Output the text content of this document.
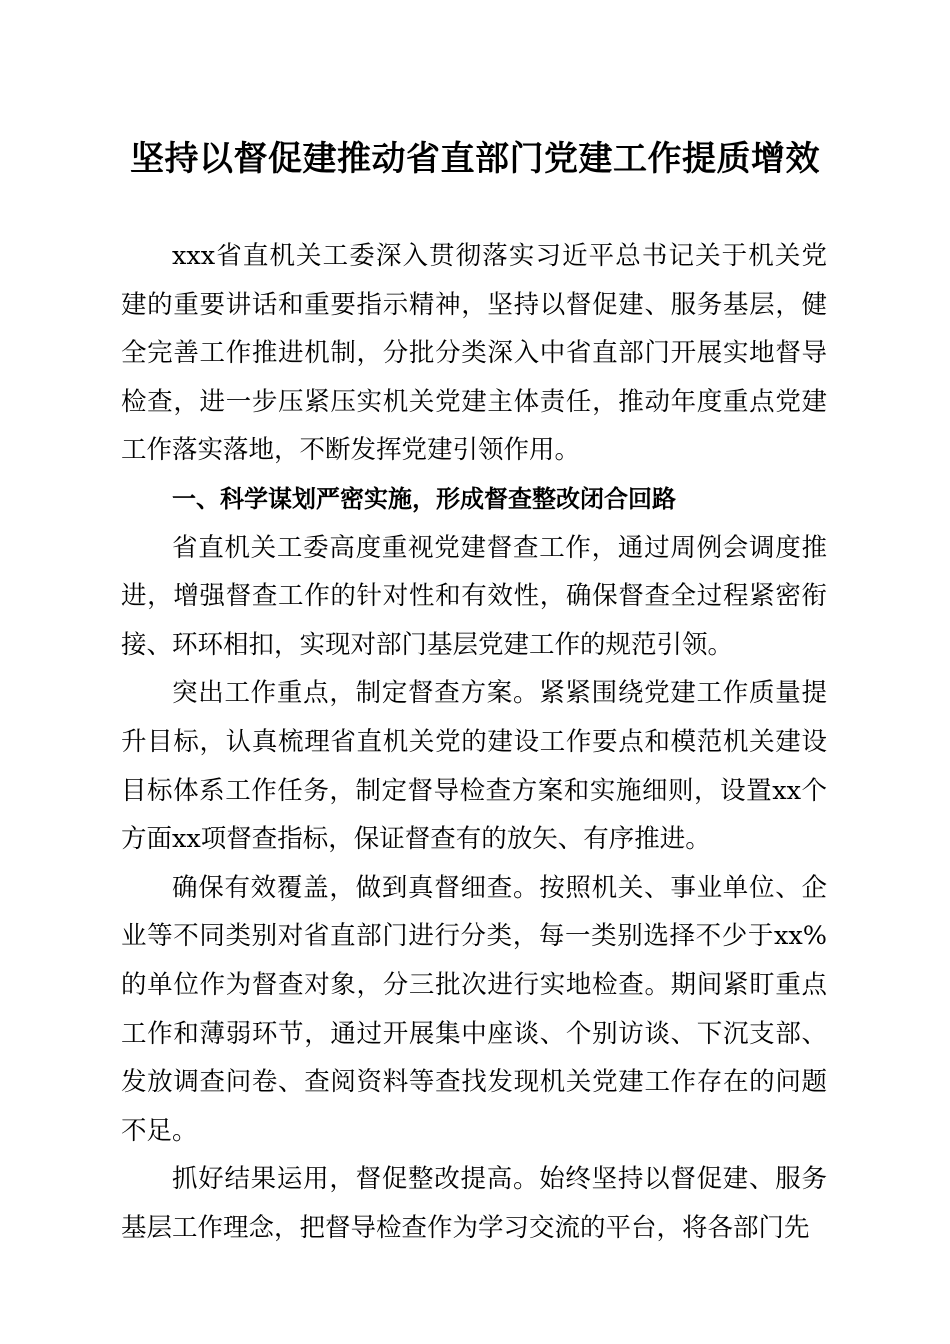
坚持以督促建推动省直部门党建工作提质增效

xxx省直机关工委深入贯彻落实习近平总书记关于机关党建的重要讲话和重要指示精神，坚持以督促建、服务基层，健全完善工作推进机制，分批分类深入中省直部门开展实地督导检查，进一步压紧压实机关党建主体责任，推动年度重点党建工作落实落地，不断发挥党建引领作用。

一、科学谋划严密实施，形成督查整改闭合回路

省直机关工委高度重视党建督查工作，通过周例会调度推进，增强督查工作的针对性和有效性，确保督查全过程紧密衔接、环环相扣，实现对部门基层党建工作的规范引领。

突出工作重点，制定督查方案。紧紧围绕党建工作质量提升目标，认真梳理省直机关党的建设工作要点和模范机关建设目标体系工作任务，制定督导检查方案和实施细则，设置xx个方面xx项督查指标，保证督查有的放矢、有序推进。

确保有效覆盖，做到真督细查。按照机关、事业单位、企业等不同类别对省直部门进行分类，每一类别选择不少于xx%的单位作为督查对象，分三批次进行实地检查。期间紧盯重点工作和薄弱环节，通过开展集中座谈、个别访谈、下沉支部、发放调查问卷、查阅资料等查找发现机关党建工作存在的问题不足。

抓好结果运用，督促整改提高。始终坚持以督促建、服务基层工作理念，把督导检查作为学习交流的平台，将各部门先
